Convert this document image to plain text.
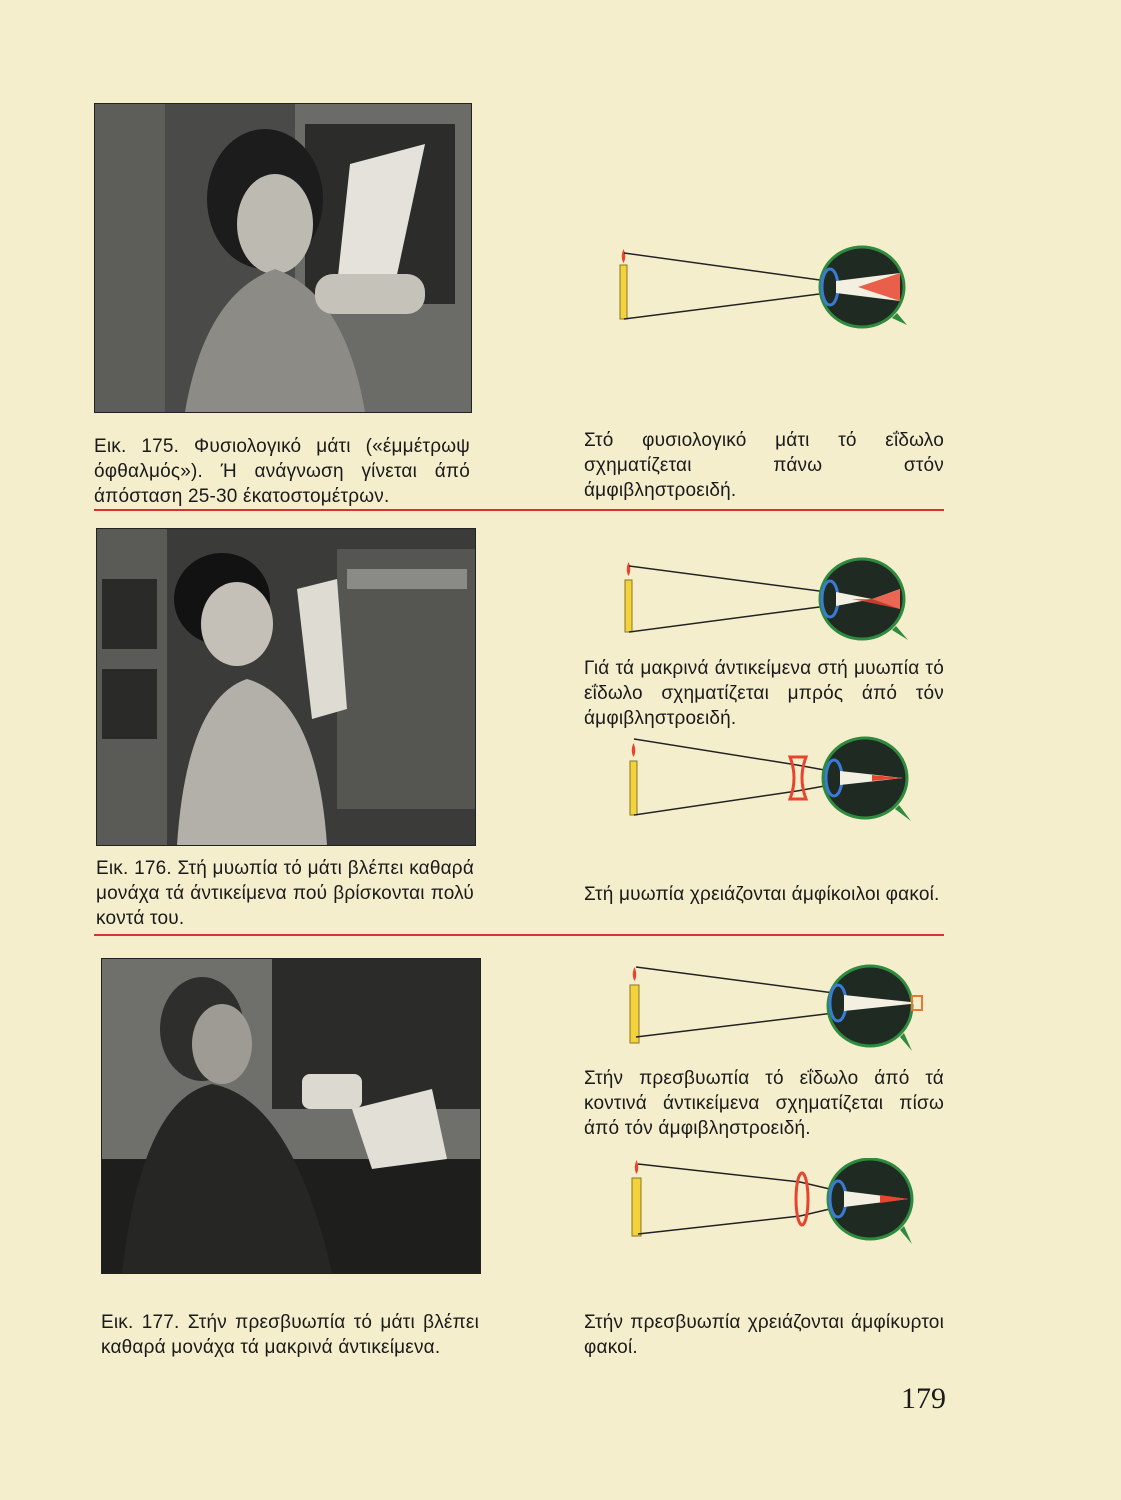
Εικ. 175. Φυσιολογικό μάτι («έμμέτρωψ όφθαλμός»). Ή ανάγνωση γίνεται άπό άπόσταση 25-30 έκατοστομέτρων.

Στό φυσιολογικό μάτι τό εΐδωλο σχηματίζεται πάνω στόν άμφιβληστροειδή.

Εικ. 176. Στή μυωπία τό μάτι βλέπει καθαρά μονάχα τά άντικείμενα πού βρίσκονται πολύ κοντά του.

Γιά τά μακρινά άντικείμενα στή μυωπία τό εΐδωλο σχηματίζεται μπρός άπό τόν άμφιβληστροειδή.

Στή μυωπία χρειάζονται άμφίκοιλοι φακοί.

Εικ. 177. Στήν πρεσβυωπία τό μάτι βλέπει καθαρά μονάχα τά μακρινά άντικείμενα.

Στήν πρεσβυωπία τό εΐδωλο άπό τά κοντινά άντικείμενα σχηματίζεται πίσω άπό τόν άμφιβληστροειδή.

Στήν πρεσβυωπία χρειάζονται άμφίκυρτοι φακοί.

179
